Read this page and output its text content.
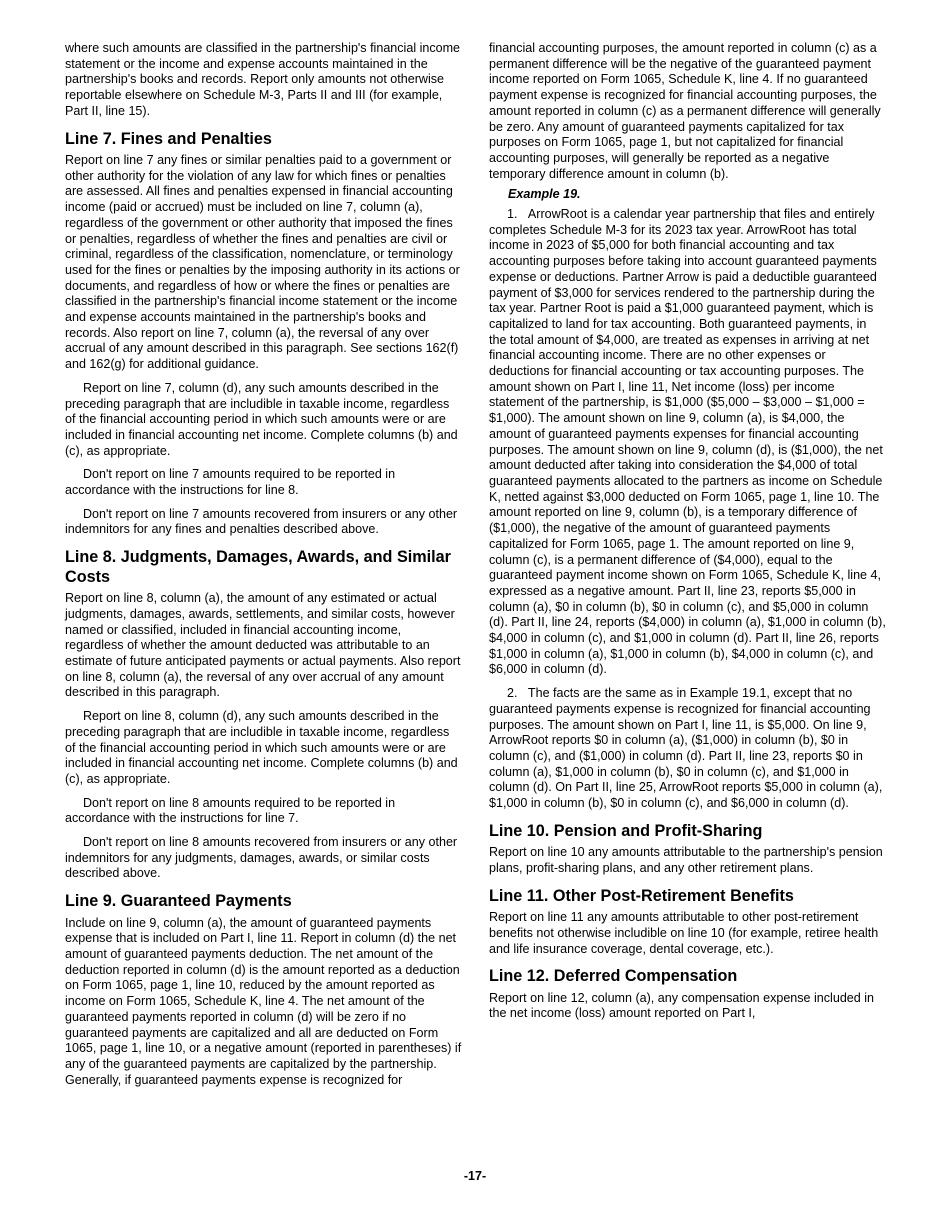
where such amounts are classified in the partnership's financial income statement or the income and expense accounts maintained in the partnership's books and records. Report only amounts not otherwise reportable elsewhere on Schedule M-3, Parts II and III (for example, Part II, line 15).

Line 7. Fines and Penalties

Report on line 7 any fines or similar penalties paid to a government or other authority for the violation of any law for which fines or penalties are assessed. All fines and penalties expensed in financial accounting income (paid or accrued) must be included on line 7, column (a), regardless of the government or other authority that imposed the fines or penalties, regardless of whether the fines and penalties are civil or criminal, regardless of the classification, nomenclature, or terminology used for the fines or penalties by the imposing authority in its actions or documents, and regardless of how or where the fines or penalties are classified in the partnership's financial income statement or the income and expense accounts maintained in the partnership's books and records. Also report on line 7, column (a), the reversal of any over accrual of any amount described in this paragraph. See sections 162(f) and 162(g) for additional guidance.

Report on line 7, column (d), any such amounts described in the preceding paragraph that are includible in taxable income, regardless of the financial accounting period in which such amounts were or are included in financial accounting net income. Complete columns (b) and (c), as appropriate.

Don't report on line 7 amounts required to be reported in accordance with the instructions for line 8.

Don't report on line 7 amounts recovered from insurers or any other indemnitors for any fines and penalties described above.

Line 8. Judgments, Damages, Awards, and Similar Costs

Report on line 8, column (a), the amount of any estimated or actual judgments, damages, awards, settlements, and similar costs, however named or classified, included in financial accounting income, regardless of whether the amount deducted was attributable to an estimate of future anticipated payments or actual payments. Also report on line 8, column (a), the reversal of any over accrual of any amount described in this paragraph.

Report on line 8, column (d), any such amounts described in the preceding paragraph that are includible in taxable income, regardless of the financial accounting period in which such amounts were or are included in financial accounting net income. Complete columns (b) and (c), as appropriate.

Don't report on line 8 amounts required to be reported in accordance with the instructions for line 7.

Don't report on line 8 amounts recovered from insurers or any other indemnitors for any judgments, damages, awards, or similar costs described above.

Line 9. Guaranteed Payments

Include on line 9, column (a), the amount of guaranteed payments expense that is included on Part I, line 11. Report in column (d) the net amount of guaranteed payments deduction. The net amount of the deduction reported in column (d) is the amount reported as a deduction on Form 1065, page 1, line 10, reduced by the amount reported as income on Form 1065, Schedule K, line 4. The net amount of the guaranteed payments reported in column (d) will be zero if no guaranteed payments are capitalized and all are deducted on Form 1065, page 1, line 10, or a negative amount (reported in parentheses) if any of the guaranteed payments are capitalized by the partnership. Generally, if guaranteed payments expense is recognized for

financial accounting purposes, the amount reported in column (c) as a permanent difference will be the negative of the guaranteed payment income reported on Form 1065, Schedule K, line 4. If no guaranteed payment expense is recognized for financial accounting purposes, the amount reported in column (c) as a permanent difference will generally be zero. Any amount of guaranteed payments capitalized for tax purposes on Form 1065, page 1, but not capitalized for financial accounting purposes, will generally be reported as a negative temporary difference amount in column (b).

Example 19.

1.   ArrowRoot is a calendar year partnership that files and entirely completes Schedule M-3 for its 2023 tax year. ArrowRoot has total income in 2023 of $5,000 for both financial accounting and tax accounting purposes before taking into account guaranteed payments expense or deductions. Partner Arrow is paid a deductible guaranteed payment of $3,000 for services rendered to the partnership during the tax year. Partner Root is paid a $1,000 guaranteed payment, which is capitalized to land for tax accounting. Both guaranteed payments, in the total amount of $4,000, are treated as expenses in arriving at net financial accounting income. There are no other expenses or deductions for financial accounting or tax accounting purposes. The amount shown on Part I, line 11, Net income (loss) per income statement of the partnership, is $1,000 ($5,000 – $3,000 – $1,000 = $1,000). The amount shown on line 9, column (a), is $4,000, the amount of guaranteed payments expenses for financial accounting purposes. The amount shown on line 9, column (d), is ($1,000), the net amount deducted after taking into consideration the $4,000 of total guaranteed payments allocated to the partners as income on Schedule K, netted against $3,000 deducted on Form 1065, page 1, line 10. The amount reported on line 9, column (b), is a temporary difference of ($1,000), the negative of the amount of guaranteed payments capitalized for Form 1065, page 1. The amount reported on line 9, column (c), is a permanent difference of ($4,000), equal to the guaranteed payment income shown on Form 1065, Schedule K, line 4, expressed as a negative amount. Part II, line 23, reports $5,000 in column (a), $0 in column (b), $0 in column (c), and $5,000 in column (d). Part II, line 24, reports ($4,000) in column (a), $1,000 in column (b), $4,000 in column (c), and $1,000 in column (d). Part II, line 26, reports $1,000 in column (a), $1,000 in column (b), $4,000 in column (c), and $6,000 in column (d).

2.   The facts are the same as in Example 19.1, except that no guaranteed payments expense is recognized for financial accounting purposes. The amount shown on Part I, line 11, is $5,000. On line 9, ArrowRoot reports $0 in column (a), ($1,000) in column (b), $0 in column (c), and ($1,000) in column (d). Part II, line 23, reports $0 in column (a), $1,000 in column (b), $0 in column (c), and $1,000 in column (d). On Part II, line 25, ArrowRoot reports $5,000 in column (a), $1,000 in column (b), $0 in column (c), and $6,000 in column (d).

Line 10. Pension and Profit-Sharing

Report on line 10 any amounts attributable to the partnership's pension plans, profit-sharing plans, and any other retirement plans.

Line 11. Other Post-Retirement Benefits

Report on line 11 any amounts attributable to other post-retirement benefits not otherwise includible on line 10 (for example, retiree health and life insurance coverage, dental coverage, etc.).

Line 12. Deferred Compensation

Report on line 12, column (a), any compensation expense included in the net income (loss) amount reported on Part I,

-17-
